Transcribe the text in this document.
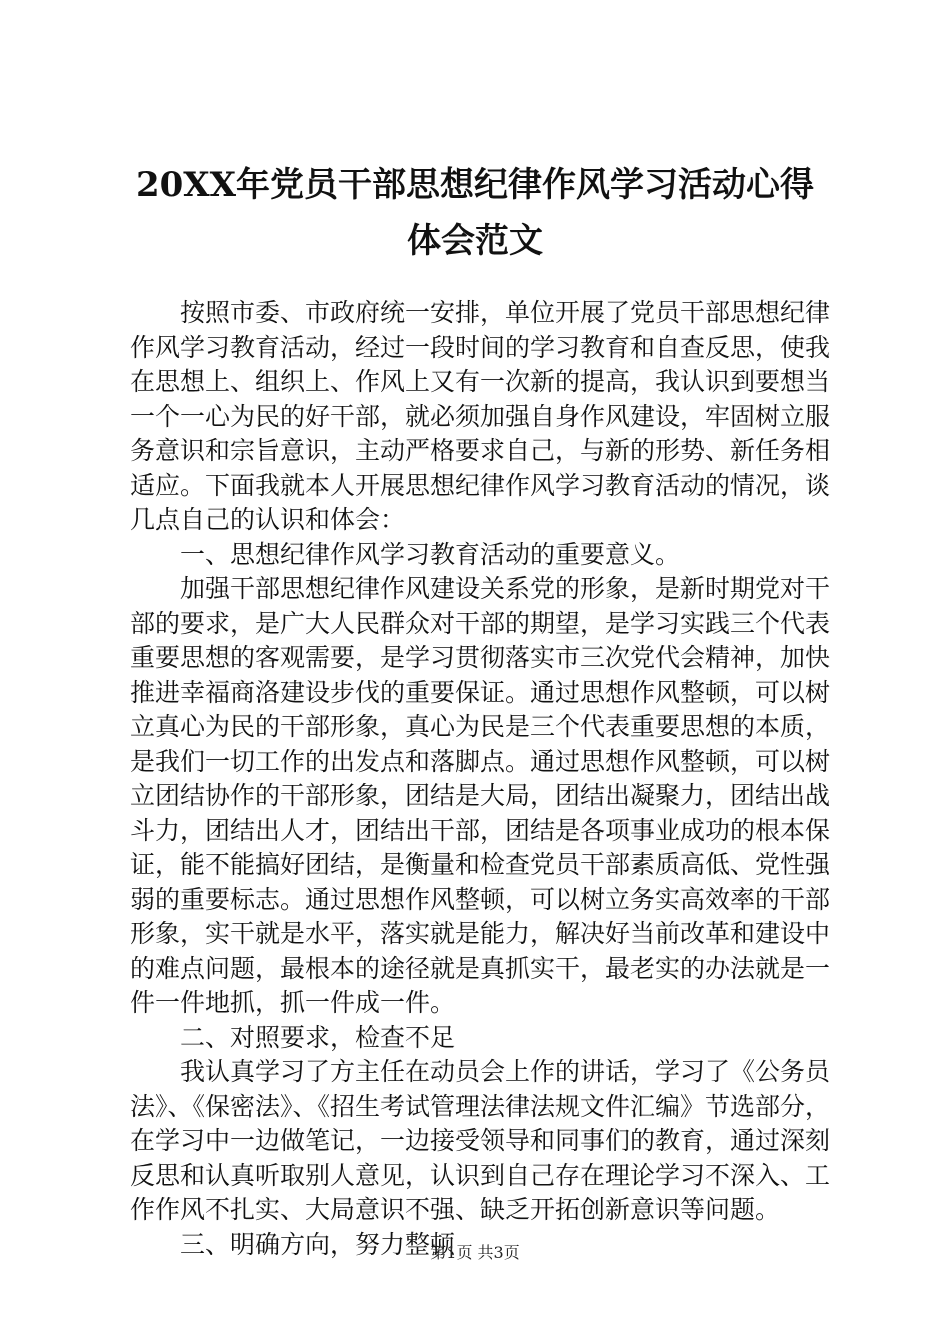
20XX年党员干部思想纪律作风学习活动心得
体会范文

按照市委、市政府统一安排，单位开展了党员干部思想纪律作风学习教育活动，经过一段时间的学习教育和自查反思，使我在思想上、组织上、作风上又有一次新的提高，我认识到要想当一个一心为民的好干部，就必须加强自身作风建设，牢固树立服务意识和宗旨意识，主动严格要求自己，与新的形势、新任务相适应。下面我就本人开展思想纪律作风学习教育活动的情况，谈几点自己的认识和体会：

一、思想纪律作风学习教育活动的重要意义。

加强干部思想纪律作风建设关系党的形象，是新时期党对干部的要求，是广大人民群众对干部的期望，是学习实践三个代表重要思想的客观需要，是学习贯彻落实市三次党代会精神，加快推进幸福商洛建设步伐的重要保证。通过思想作风整顿，可以树立真心为民的干部形象，真心为民是三个代表重要思想的本质，是我们一切工作的出发点和落脚点。通过思想作风整顿，可以树立团结协作的干部形象，团结是大局，团结出凝聚力，团结出战斗力，团结出人才，团结出干部，团结是各项事业成功的根本保证，能不能搞好团结，是衡量和检查党员干部素质高低、党性强弱的重要标志。通过思想作风整顿，可以树立务实高效率的干部形象，实干就是水平，落实就是能力，解决好当前改革和建设中的难点问题，最根本的途径就是真抓实干，最老实的办法就是一件一件地抓，抓一件成一件。

二、对照要求，检查不足

我认真学习了方主任在动员会上作的讲话，学习了《公务员法》、《保密法》、《招生考试管理法律法规文件汇编》节选部分，在学习中一边做笔记，一边接受领导和同事们的教育，通过深刻反思和认真听取别人意见，认识到自己存在理论学习不深入、工作作风不扎实、大局意识不强、缺乏开拓创新意识等问题。

三、明确方向，努力整顿

第1页 共3页
